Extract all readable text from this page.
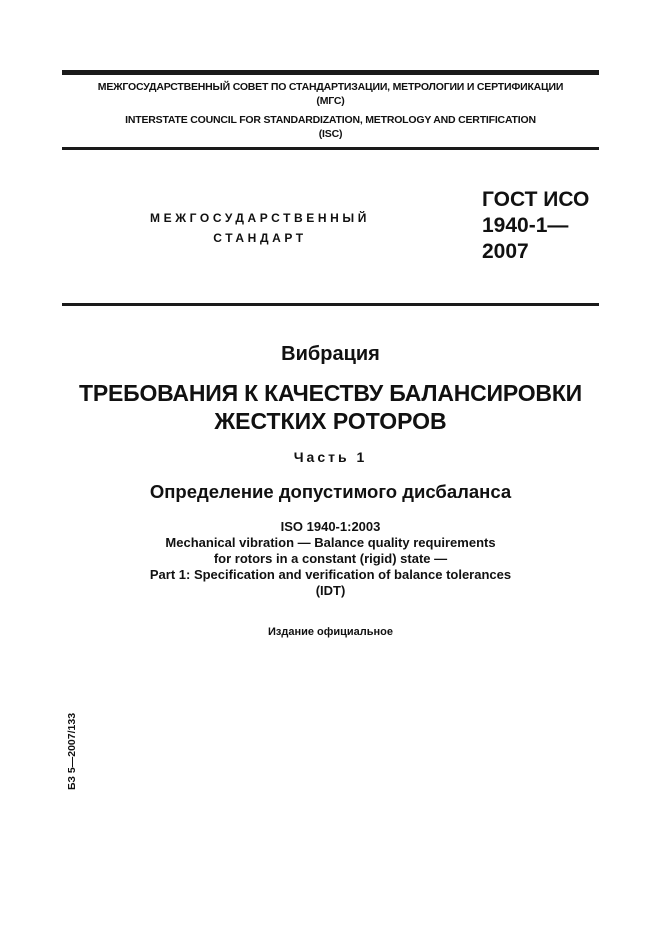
МЕЖГОСУДАРСТВЕННЫЙ СОВЕТ ПО СТАНДАРТИЗАЦИИ, МЕТРОЛОГИИ И СЕРТИФИКАЦИИ
(МГС)
INTERSTATE COUNCIL FOR STANDARDIZATION, METROLOGY AND CERTIFICATION
(ISC)
МЕЖГОСУДАРСТВЕННЫЙ
СТАНДАРТ
ГОСТ ИСО
1940-1—
2007
Вибрация
ТРЕБОВАНИЯ К КАЧЕСТВУ БАЛАНСИРОВКИ
ЖЕСТКИХ РОТОРОВ
Часть 1
Определение допустимого дисбаланса
ISO 1940-1:2003
Mechanical vibration — Balance quality requirements
for rotors in a constant (rigid) state —
Part 1: Specification and verification of balance tolerances
(IDT)
Издание официальное
БЗ 5—2007/133
